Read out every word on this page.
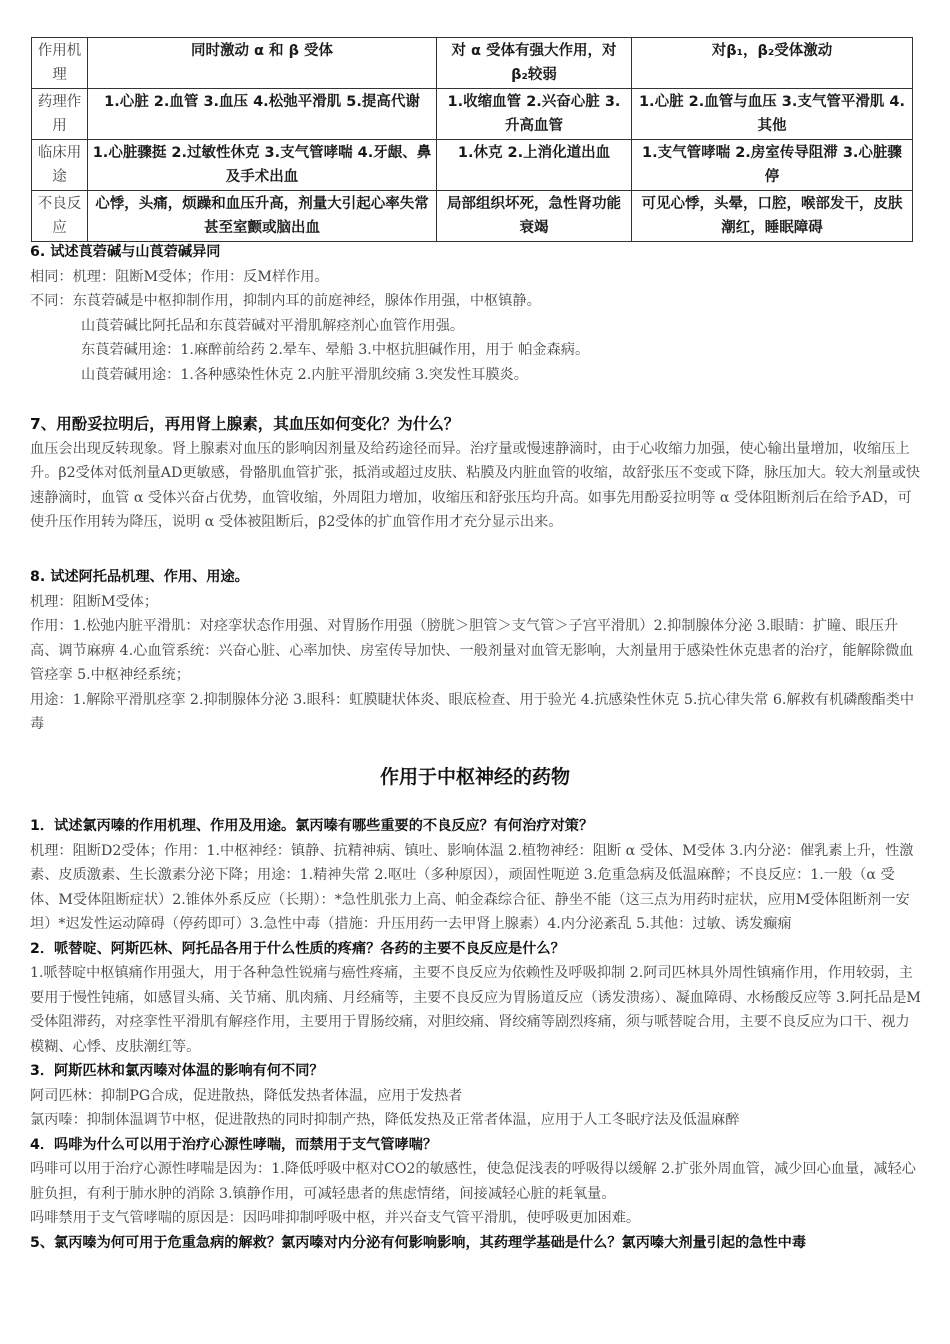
作用机理	同时激动 α 和 β 受体	对 α 受体有强大作用，对 β₂较弱	对β₁，β₂受体激动
药理作用	1.心脏 2.血管 3.血压 4.松弛平滑肌 5.提高代谢	1.收缩血管 2.兴奋心脏 3.升高血管	1.心脏 2.血管与血压 3.支气管平滑肌 4.其他
临床用途	1.心脏骤挺 2.过敏性休克 3.支气管哮喘 4.牙龈、鼻及手术出血	1.休克 2.上消化道出血	1.支气管哮喘 2.房室传导阻滞 3.心脏骤停
不良反应	心悸，头痛，烦躁和血压升高，剂量大引起心率失常甚至室颤或脑出血	局部组织坏死，急性肾功能衰竭	可见心悸，头晕，口腔，喉部发干，皮肤潮红，睡眠障碍

6. 试述莨菪碱与山莨菪碱异同

相同：机理：阻断M受体；作用：反M样作用。

不同：东莨菪碱是中枢抑制作用，抑制内耳的前庭神经，腺体作用强，中枢镇静。

山莨菪碱比阿托品和东莨菪碱对平滑肌解痉剂心血管作用强。

东莨菪碱用途：1.麻醉前给药 2.晕车、晕船 3.中枢抗胆碱作用，用于 帕金森病。

山莨菪碱用途：1.各种感染性休克 2.内脏平滑肌绞痛 3.突发性耳膜炎。

7、用酚妥拉明后，再用肾上腺素，其血压如何变化？为什么？

血压会出现反转现象。肾上腺素对血压的影响因剂量及给药途径而异。治疗量或慢速静滴时，由于心收缩力加强，使心输出量增加，收缩压上升。β2受体对低剂量AD更敏感，骨骼肌血管扩张，抵消或超过皮肤、粘膜及内脏血管的收缩，故舒张压不变或下降，脉压加大。较大剂量或快速静滴时，血管 α 受体兴奋占优势，血管收缩，外周阻力增加，收缩压和舒张压均升高。如事先用酚妥拉明等 α 受体阻断剂后在给予AD，可使升压作用转为降压，说明 α 受体被阻断后，β2受体的扩血管作用才充分显示出来。

8. 试述阿托品机理、作用、用途。

机理：阻断M受体；

作用：1.松弛内脏平滑肌：对痉挛状态作用强、对胃肠作用强（膀胱＞胆管＞支气管＞子宫平滑肌）2.抑制腺体分泌 3.眼睛：扩瞳、眼压升高、调节麻痹 4.心血管系统：兴奋心脏、心率加快、房室传导加快、一般剂量对血管无影响，大剂量用于感染性休克患者的治疗，能解除微血管痉挛 5.中枢神经系统；

用途：1.解除平滑肌痉挛 2.抑制腺体分泌 3.眼科：虹膜睫状体炎、眼底检查、用于验光 4.抗感染性休克 5.抗心律失常 6.解救有机磷酸酯类中毒

作用于中枢神经的药物

1．试述氯丙嗪的作用机理、作用及用途。氯丙嗪有哪些重要的不良反应？有何治疗对策？

机理：阻断D2受体；作用：1.中枢神经：镇静、抗精神病、镇吐、影响体温 2.植物神经：阻断 α 受体、M受体 3.内分泌：催乳素上升，性激素、皮质激素、生长激素分泌下降；用途：1.精神失常 2.呕吐（多种原因），顽固性呃逆 3.危重急病及低温麻醉；不良反应：1.一般（α 受体、M受体阻断症状）2.锥体外系反应（长期）：*急性肌张力上高、帕金森综合征、静坐不能（这三点为用药时症状，应用M受体阻断剂一安坦）*迟发性运动障碍（停药即可）3.急性中毒（措施：升压用药一去甲肾上腺素）4.内分泌紊乱 5.其他：过敏、诱发癫痫

2．哌替啶、阿斯匹林、阿托品各用于什么性质的疼痛？各药的主要不良反应是什么？

1.哌替啶中枢镇痛作用强大，用于各种急性锐痛与癌性疼痛，主要不良反应为依赖性及呼吸抑制 2.阿司匹林具外周性镇痛作用，作用较弱，主要用于慢性钝痛，如感冒头痛、关节痛、肌肉痛、月经痛等，主要不良反应为胃肠道反应（诱发溃疡）、凝血障碍、水杨酸反应等 3.阿托品是M受体阻滞药，对痉挛性平滑肌有解痉作用，主要用于胃肠绞痛，对胆绞痛、肾绞痛等剧烈疼痛，须与哌替啶合用，主要不良反应为口干、视力模糊、心悸、皮肤潮红等。

3．阿斯匹林和氯丙嗪对体温的影响有何不同？

阿司匹林：抑制PG合成，促进散热，降低发热者体温，应用于发热者

氯丙嗪：抑制体温调节中枢，促进散热的同时抑制产热，降低发热及正常者体温，应用于人工冬眠疗法及低温麻醉

4．吗啡为什么可以用于治疗心源性哮喘，而禁用于支气管哮喘？

吗啡可以用于治疗心源性哮喘是因为：1.降低呼吸中枢对CO2的敏感性，使急促浅表的呼吸得以缓解 2.扩张外周血管，减少回心血量，减轻心脏负担，有利于肺水肿的消除 3.镇静作用，可减轻患者的焦虑情绪，间接减轻心脏的耗氧量。

吗啡禁用于支气管哮喘的原因是：因吗啡抑制呼吸中枢，并兴奋支气管平滑肌，使呼吸更加困难。

5、氯丙嗪为何可用于危重急病的解救？氯丙嗪对内分泌有何影响影响，其药理学基础是什么？氯丙嗪大剂量引起的急性中毒
